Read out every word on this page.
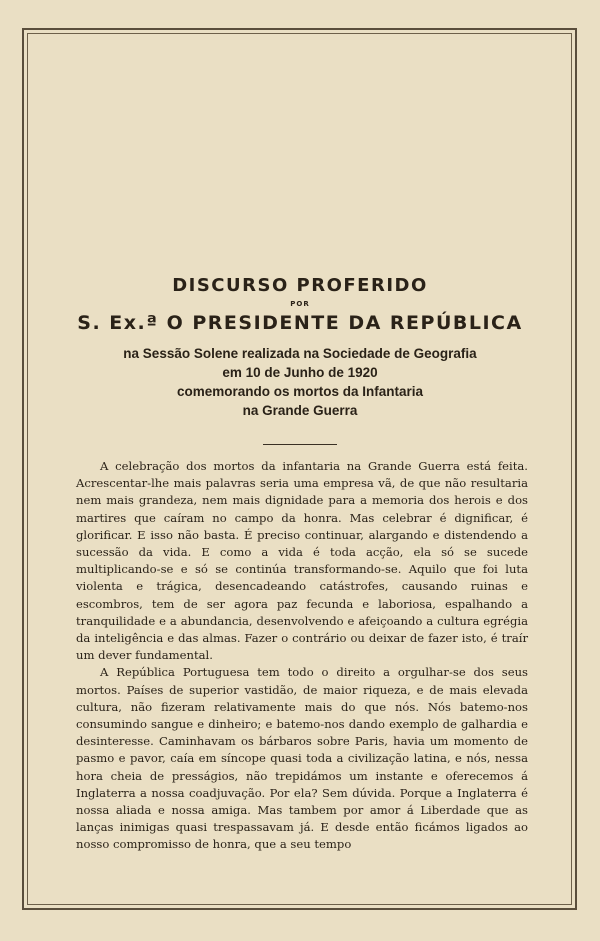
DISCURSO PROFERIDO

POR

S. Ex.ª O PRESIDENTE DA REPÚBLICA

na Sessão Solene realizada na Sociedade de Geografia

em 10 de Junho de 1920

comemorando os mortos da Infantaria

na Grande Guerra

A celebração dos mortos da infantaria na Grande Guerra está feita. Acrescentar-lhe mais palavras seria uma empresa vã, de que não resultaria nem mais grandeza, nem mais dignidade para a memoria dos herois e dos martires que caíram no campo da honra. Mas celebrar é dignificar, é glorificar. E isso não basta. É preciso continuar, alargando e distendendo a sucessão da vida. E como a vida é toda acção, ela só se sucede multiplicando-se e só se continúa transformando-se. Aquilo que foi luta violenta e trágica, desencadeando catástrofes, causando ruinas e escombros, tem de ser agora paz fecunda e laboriosa, espalhando a tranquilidade e a abundancia, desenvolvendo e afeiçoando a cultura egrégia da inteligência e das almas. Fazer o contrário ou deixar de fazer isto, é traír um dever fundamental.

A República Portuguesa tem todo o direito a orgulhar-se dos seus mortos. Países de superior vastidão, de maior riqueza, e de mais elevada cultura, não fizeram relativamente mais do que nós. Nós batemo-nos consumindo sangue e dinheiro; e batemo-nos dando exemplo de galhardia e desinteresse. Caminhavam os bárbaros sobre Paris, havia um momento de pasmo e pavor, caía em síncope quasi toda a civilização latina, e nós, nessa hora cheia de presságios, não trepidámos um instante e oferecemos á Inglaterra a nossa coadjuvação. Por ela? Sem dúvida. Porque a Inglaterra é nossa aliada e nossa amiga. Mas tambem por amor á Liberdade que as lanças inimigas quasi trespassavam já. E desde então ficámos ligados ao nosso compromisso de honra, que a seu tempo
